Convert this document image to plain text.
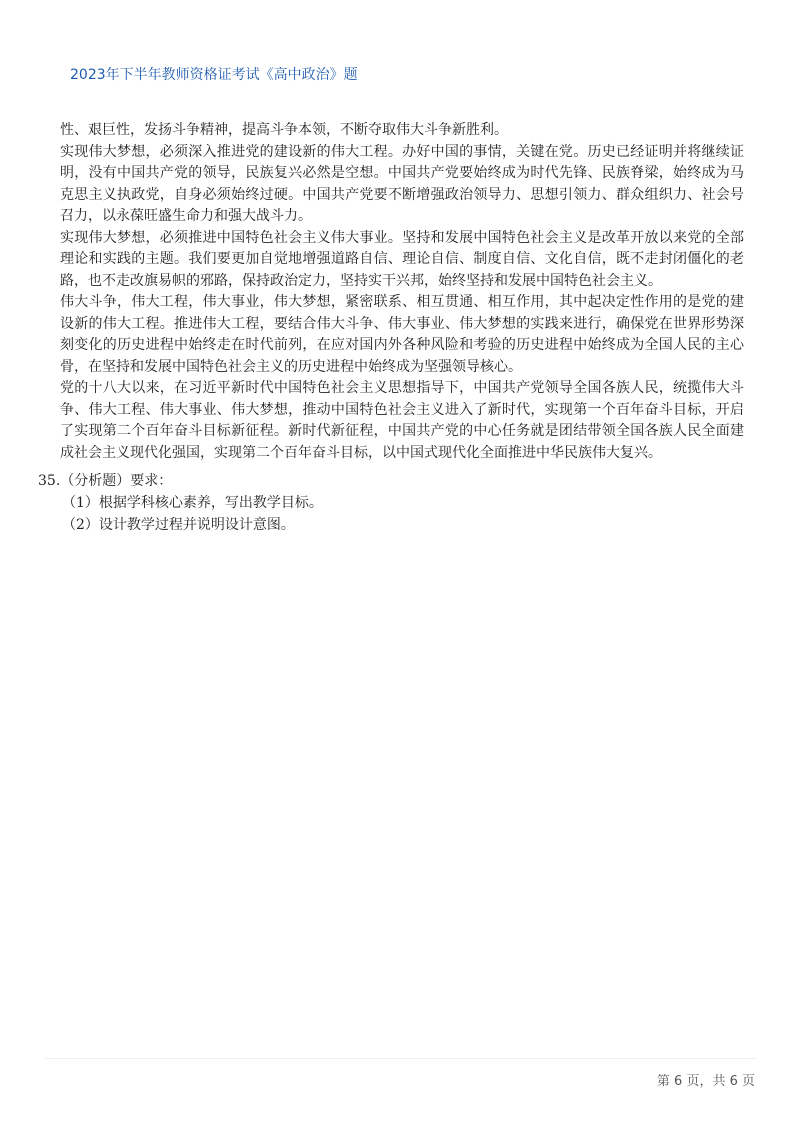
2023年下半年教师资格证考试《高中政治》题

性、艰巨性，发扬斗争精神，提高斗争本领，不断夺取伟大斗争新胜利。

实现伟大梦想，必须深入推进党的建设新的伟大工程。办好中国的事情，关键在党。历史已经证明并将继续证明，没有中国共产党的领导，民族复兴必然是空想。中国共产党要始终成为时代先锋、民族脊梁，始终成为马克思主义执政党，自身必须始终过硬。中国共产党要不断增强政治领导力、思想引领力、群众组织力、社会号召力，以永葆旺盛生命力和强大战斗力。

实现伟大梦想，必须推进中国特色社会主义伟大事业。坚持和发展中国特色社会主义是改革开放以来党的全部理论和实践的主题。我们要更加自觉地增强道路自信、理论自信、制度自信、文化自信，既不走封闭僵化的老路，也不走改旗易帜的邪路，保持政治定力，坚持实干兴邦，始终坚持和发展中国特色社会主义。

伟大斗争，伟大工程，伟大事业，伟大梦想，紧密联系、相互贯通、相互作用，其中起决定性作用的是党的建设新的伟大工程。推进伟大工程，要结合伟大斗争、伟大事业、伟大梦想的实践来进行，确保党在世界形势深刻变化的历史进程中始终走在时代前列，在应对国内外各种风险和考验的历史进程中始终成为全国人民的主心骨，在坚持和发展中国特色社会主义的历史进程中始终成为坚强领导核心。

党的十八大以来，在习近平新时代中国特色社会主义思想指导下，中国共产党领导全国各族人民，统揽伟大斗争、伟大工程、伟大事业、伟大梦想，推动中国特色社会主义进入了新时代，实现第一个百年奋斗目标，开启了实现第二个百年奋斗目标新征程。新时代新征程，中国共产党的中心任务就是团结带领全国各族人民全面建成社会主义现代化强国，实现第二个百年奋斗目标，以中国式现代化全面推进中华民族伟大复兴。

35.（分析题）要求：

（1）根据学科核心素养，写出教学目标。

（2）设计教学过程并说明设计意图。

第 6 页，共 6 页
